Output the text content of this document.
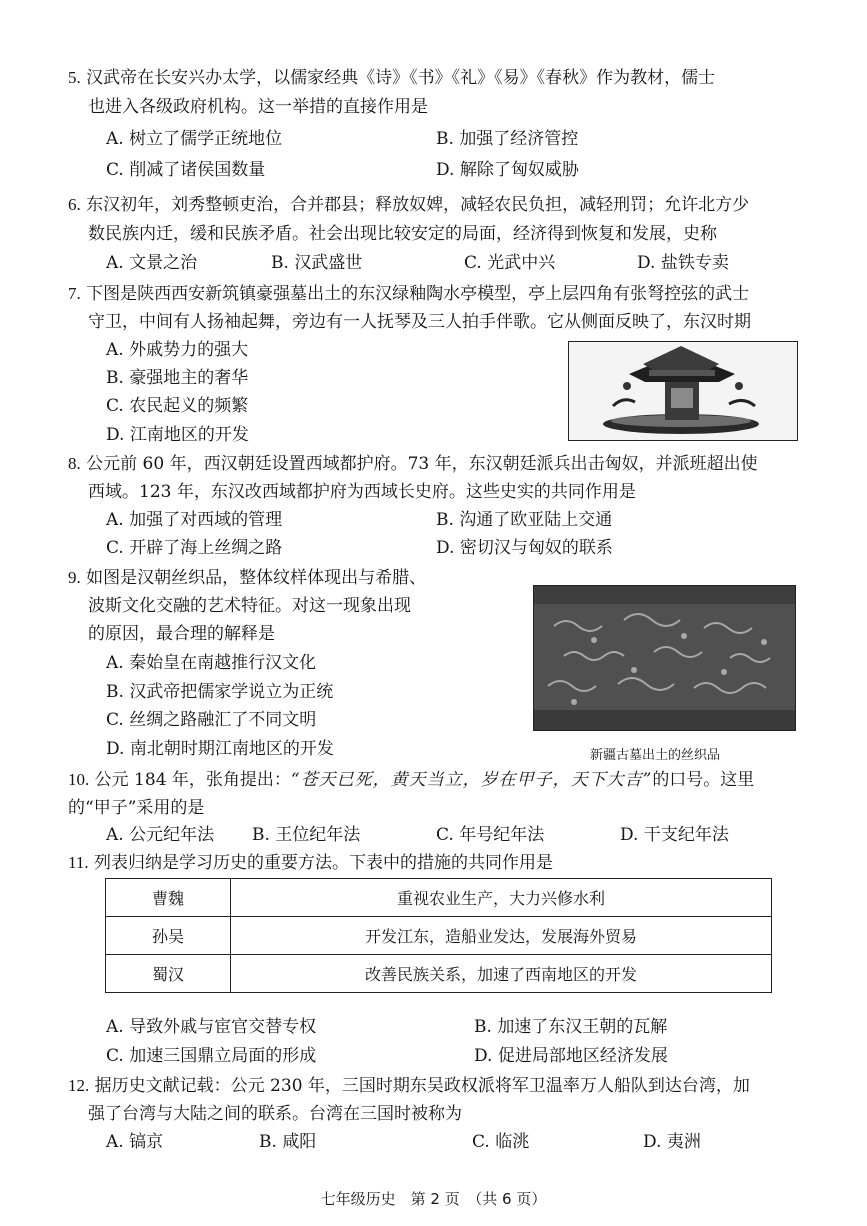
5. 汉武帝在长安兴办太学，以儒家经典《诗》《书》《礼》《易》《春秋》作为教材，儒士
也进入各级政府机构。这一举措的直接作用是
A. 树立了儒学正统地位	B. 加强了经济管控
C. 削减了诸侯国数量	D. 解除了匈奴威胁
6. 东汉初年，刘秀整顿吏治，合并郡县；释放奴婢，减轻农民负担，减轻刑罚；允许北方少
数民族内迁，缓和民族矛盾。社会出现比较安定的局面，经济得到恢复和发展，史称
A. 文景之治	B. 汉武盛世	C. 光武中兴	D. 盐铁专卖
7. 下图是陕西西安新筑镇豪强墓出土的东汉绿釉陶水亭模型，亭上层四角有张弩控弦的武士
守卫，中间有人扬袖起舞，旁边有一人抚琴及三人拍手伴歌。它从侧面反映了，东汉时期
A. 外戚势力的强大
B. 豪强地主的奢华
C. 农民起义的频繁
D. 江南地区的开发
8. 公元前 60 年，西汉朝廷设置西域都护府。73 年，东汉朝廷派兵出击匈奴，并派班超出使
西域。123 年，东汉改西域都护府为西域长史府。这些史实的共同作用是
A. 加强了对西域的管理	B. 沟通了欧亚陆上交通
C. 开辟了海上丝绸之路	D. 密切汉与匈奴的联系
9. 如图是汉朝丝织品，整体纹样体现出与希腊、
波斯文化交融的艺术特征。对这一现象出现
的原因，最合理的解释是
A. 秦始皇在南越推行汉文化
B. 汉武帝把儒家学说立为正统
C. 丝绸之路融汇了不同文明
D. 南北朝时期江南地区的开发	新疆古墓出土的丝织品
10. 公元 184 年，张角提出：“苍天已死，黄天当立，岁在甲子，天下大吉”的口号。这里
的“甲子”采用的是
A. 公元纪年法 B. 王位纪年法	C. 年号纪年法	D. 干支纪年法
11. 列表归纳是学习历史的重要方法。下表中的措施的共同作用是
曹魏	重视农业生产，大力兴修水利
孙吴	开发江东，造船业发达，发展海外贸易
蜀汉	改善民族关系，加速了西南地区的开发
A. 导致外戚与宦官交替专权	B. 加速了东汉王朝的瓦解
C. 加速三国鼎立局面的形成	D. 促进局部地区经济发展
12. 据历史文献记载：公元 230 年，三国时期东吴政权派将军卫温率万人船队到达台湾，加
强了台湾与大陆之间的联系。台湾在三国时被称为
A. 镐京	B. 咸阳	C. 临洮	D. 夷洲
七年级历史　第 2 页　（共 6 页）
